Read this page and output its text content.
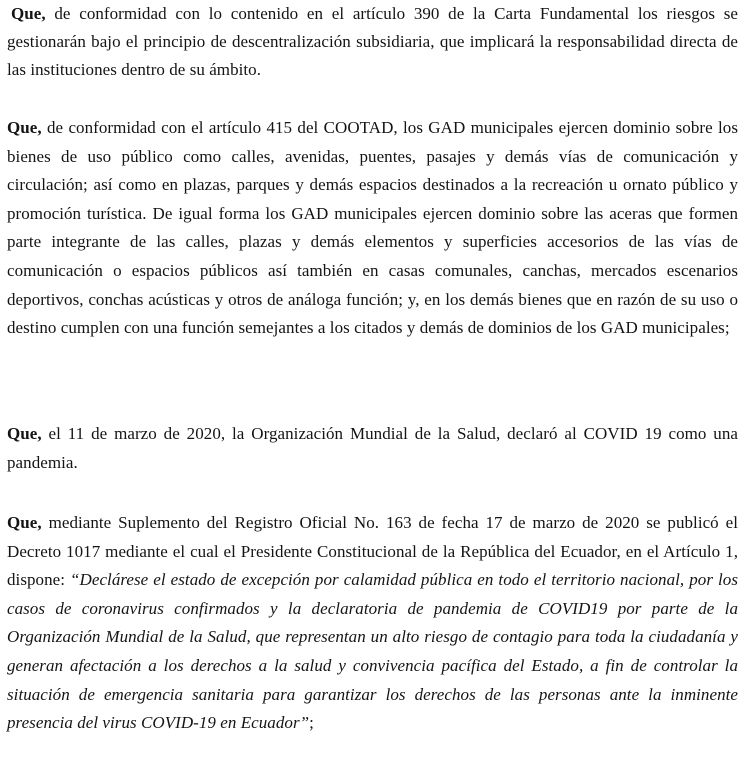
Que, de conformidad con lo contenido en el artículo 390 de la Carta Fundamental los riesgos se gestionarán bajo el principio de descentralización subsidiaria, que implicará la responsabilidad directa de las instituciones dentro de su ámbito.

Que, de conformidad con el artículo 415 del COOTAD, los GAD municipales ejercen dominio sobre los bienes de uso público como calles, avenidas, puentes, pasajes y demás vías de comunicación y circulación; así como en plazas, parques y demás espacios destinados a la recreación u ornato público y promoción turística. De igual forma los GAD municipales ejercen dominio sobre las aceras que formen parte integrante de las calles, plazas y demás elementos y superficies accesorios de las vías de comunicación o espacios públicos así también en casas comunales, canchas, mercados escenarios deportivos, conchas acústicas y otros de análoga función; y, en los demás bienes que en razón de su uso o destino cumplen con una función semejantes a los citados y demás de dominios de los GAD municipales;

Que, el 11 de marzo de 2020, la Organización Mundial de la Salud, declaró al COVID 19 como una pandemia.

Que, mediante Suplemento del Registro Oficial No. 163 de fecha 17 de marzo de 2020 se publicó el Decreto 1017 mediante el cual el Presidente Constitucional de la República del Ecuador, en el Artículo 1, dispone: “Declárese el estado de excepción por calamidad pública en todo el territorio nacional, por los casos de coronavirus confirmados y la declaratoria de pandemia de COVID19 por parte de la Organización Mundial de la Salud, que representan un alto riesgo de contagio para toda la ciudadanía y generan afectación a los derechos a la salud y convivencia pacífica del Estado, a fin de controlar la situación de emergencia sanitaria para garantizar los derechos de las personas ante la inminente presencia del virus COVID-19 en Ecuador”;
